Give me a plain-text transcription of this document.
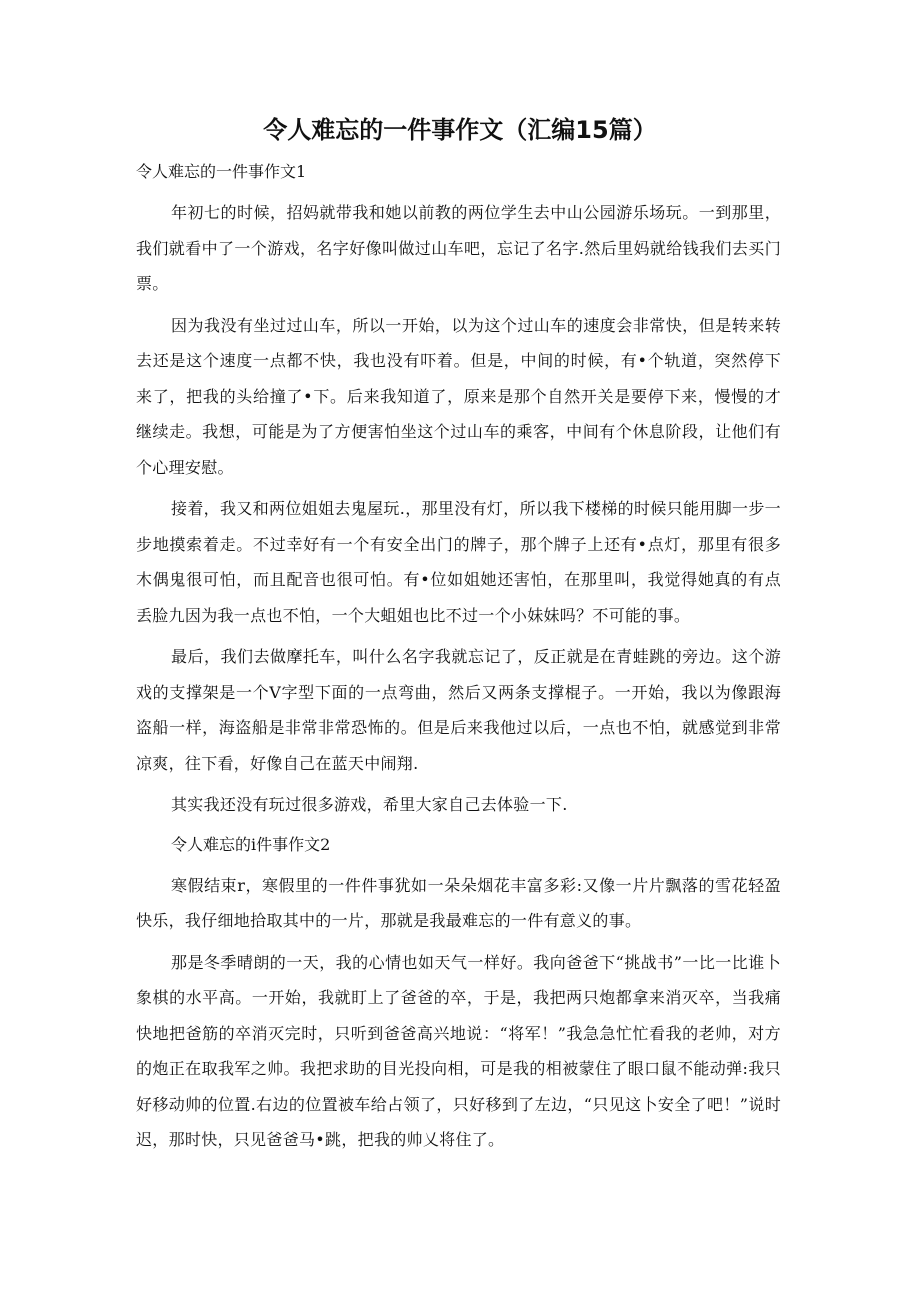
令人难忘的一件事作文（汇编15篇）

令人难忘的一件事作文1

年初七的时候，招妈就带我和她以前教的两位学生去中山公园游乐场玩。一到那里，我们就看中了一个游戏，名字好像叫做过山车吧，忘记了名字.然后里妈就给钱我们去买门票。

因为我没有坐过过山车，所以一开始，以为这个过山车的速度会非常快，但是转来转去还是这个速度一点都不快，我也没有吓着。但是，中间的时候，有•个轨道，突然停下来了，把我的头给撞了•下。后来我知道了，原来是那个自然开关是要停下来，慢慢的才继续走。我想，可能是为了方便害怕坐这个过山车的乘客，中间有个休息阶段，让他们有个心理安慰。

接着，我又和两位姐姐去鬼屋玩.，那里没有灯，所以我下楼梯的时候只能用脚一步一步地摸索着走。不过幸好有一个有安全出门的牌子，那个牌子上还有•点灯，那里有很多木偶鬼很可怕，而且配音也很可怕。有•位如姐她还害怕，在那里叫，我觉得她真的有点丢脸九因为我一点也不怕，一个大蛆姐也比不过一个小妹妹吗？不可能的事。

最后，我们去做摩托车，叫什么名字我就忘记了，反正就是在青蛙跳的旁边。这个游戏的支撑架是一个V字型下面的一点弯曲，然后又两条支撑棍子。一开始，我以为像跟海盗船一样，海盗船是非常非常恐怖的。但是后来我他过以后，一点也不怕，就感觉到非常凉爽，往下看，好像自己在蓝天中闹翔.

其实我还没有玩过很多游戏，希里大家自己去体验一下.

令人难忘的i件事作文2

寒假结束r，寒假里的一件件事犹如一朵朵烟花丰富多彩:又像一片片飘落的雪花轻盈快乐，我仔细地拾取其中的一片，那就是我最难忘的一件有意义的事。

那是冬季晴朗的一天，我的心情也如天气一样好。我向爸爸下“挑战书”一比一比谁卜象棋的水平高。一开始，我就盯上了爸爸的卒，于是，我把两只炮都拿来消灭卒，当我痛快地把爸筋的卒消灭完时，只听到爸爸高兴地说：“将军！”我急急忙忙看我的老帅，对方的炮正在取我军之帅。我把求助的目光投向相，可是我的相被蒙住了眼口鼠不能动弹:我只好移动帅的位置.右边的位置被车给占领了，只好移到了左边，“只见这卜安全了吧！”说时迟，那时快，只见爸爸马•跳，把我的帅乂将住了。
